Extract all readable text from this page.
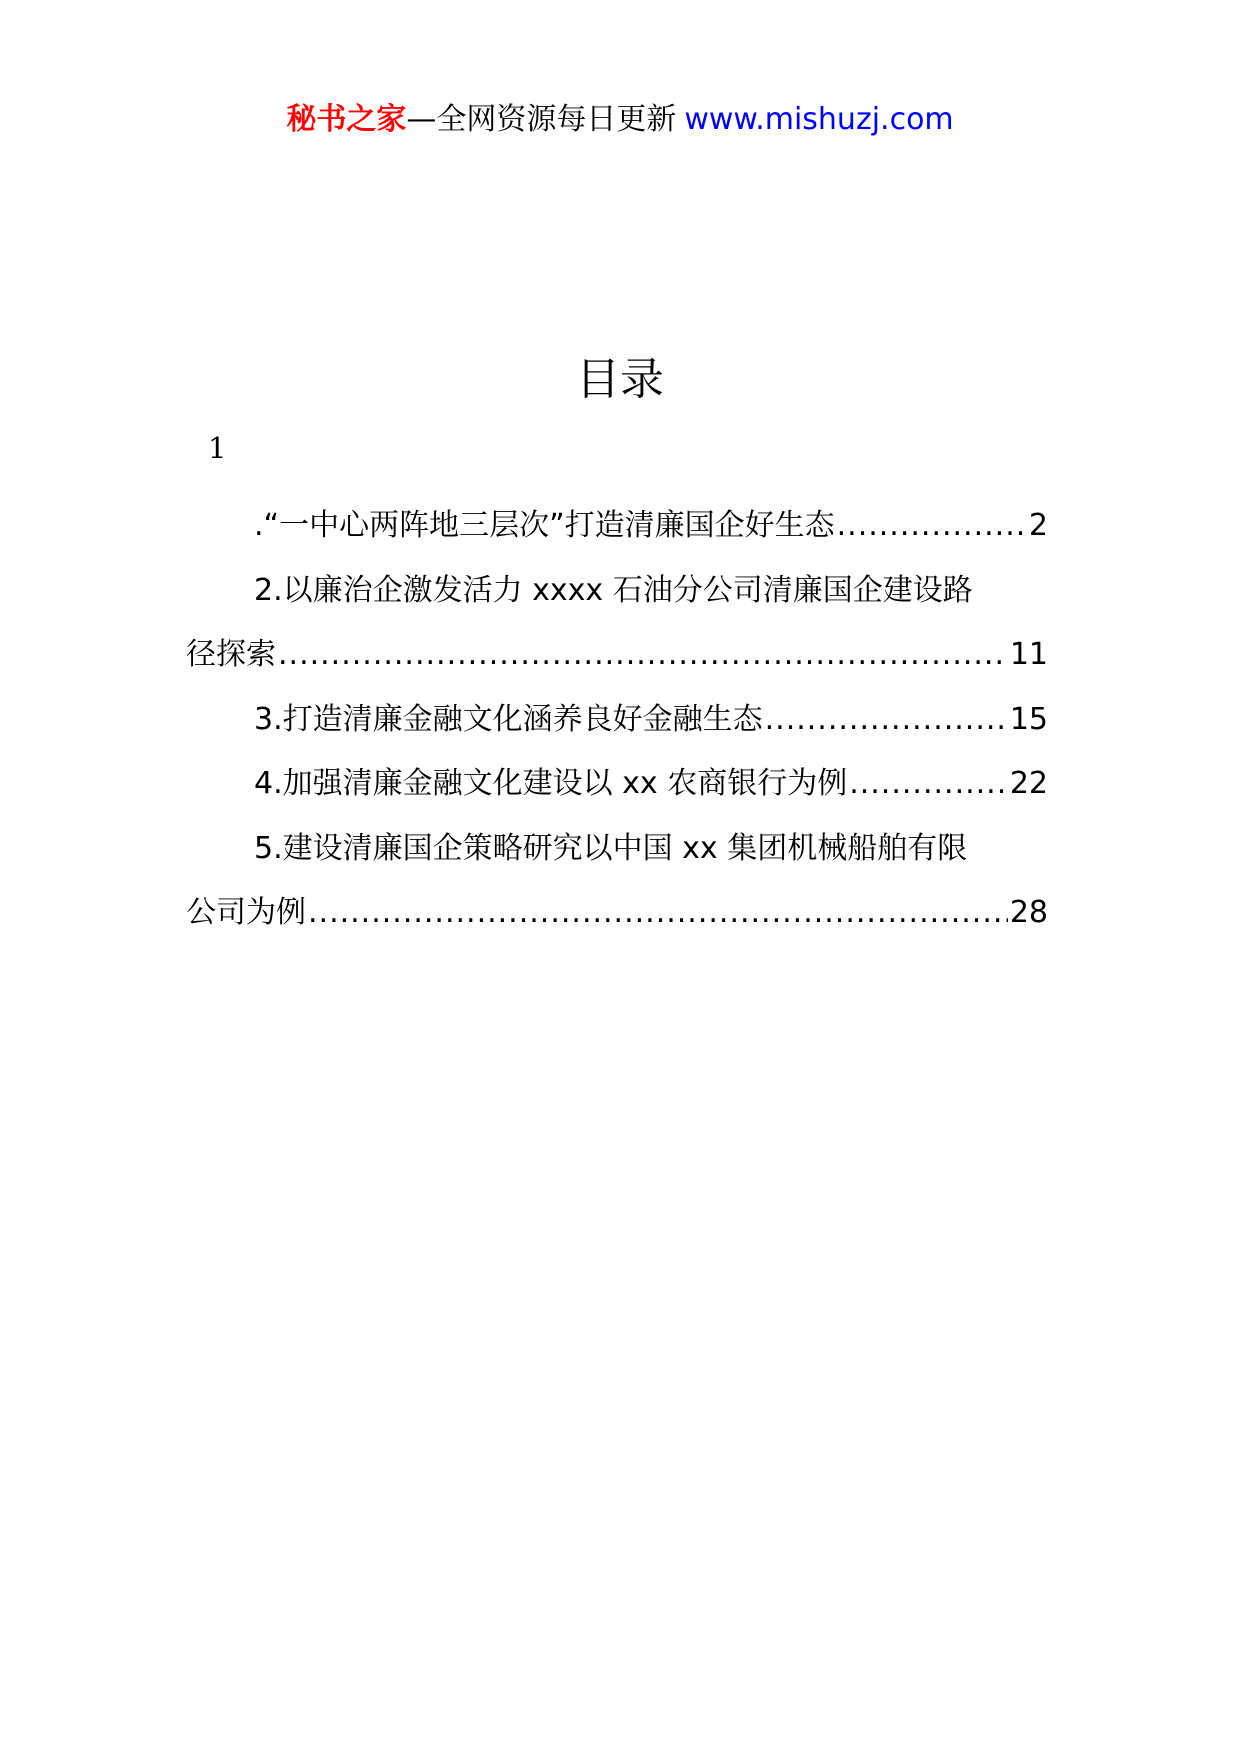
秘书之家—全网资源每日更新 www.mishuzj.com
目录
1
.“一中心两阵地三层次”打造清廉国企好生态 .....	2
2.以廉治企激发活力 xxxx 石油分公司清廉国企建设路
径探索 .....	11
3.打造清廉金融文化涵养良好金融生态 .....	15
4.加强清廉金融文化建设以 xx 农商银行为例 .....	22
5.建设清廉国企策略研究以中国 xx 集团机械船舶有限
公司为例 .....	28
